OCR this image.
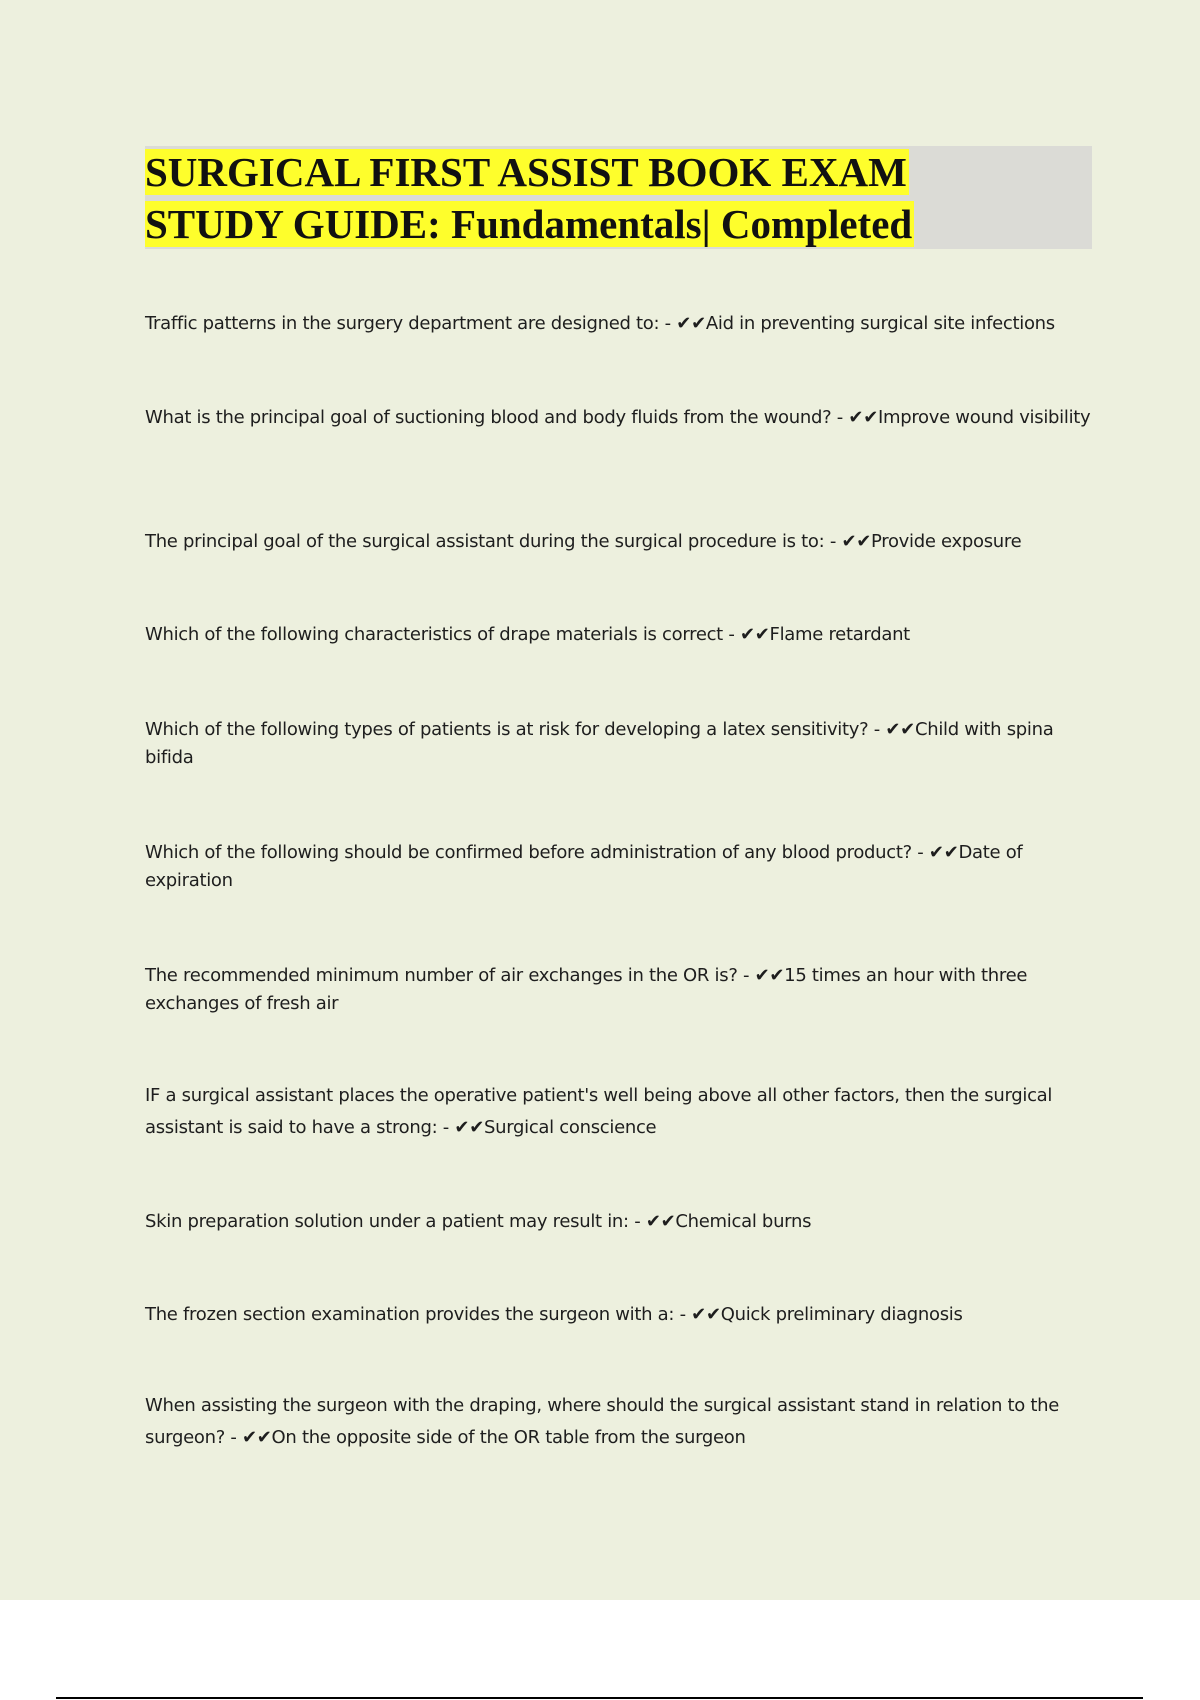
SURGICAL FIRST ASSIST BOOK EXAM
STUDY GUIDE: Fundamentals| Completed

Traffic patterns in the surgery department are designed to: - ✔✔Aid in preventing surgical site infections

What is the principal goal of suctioning blood and body fluids from the wound? - ✔✔Improve wound visibility

The principal goal of the surgical assistant during the surgical procedure is to: - ✔✔Provide exposure

Which of the following characteristics of drape materials is correct - ✔✔Flame retardant

Which of the following types of patients is at risk for developing a latex sensitivity? - ✔✔Child with spina bifida

Which of the following should be confirmed before administration of any blood product? - ✔✔Date of expiration

The recommended minimum number of air exchanges in the OR is? - ✔✔15 times an hour with three exchanges of fresh air

IF a surgical assistant places the operative patient's well being above all other factors, then the surgical assistant is said to have a strong: - ✔✔Surgical conscience

Skin preparation solution under a patient may result in: - ✔✔Chemical burns

The frozen section examination provides the surgeon with a: - ✔✔Quick preliminary diagnosis

When assisting the surgeon with the draping, where should the surgical assistant stand in relation to the surgeon? - ✔✔On the opposite side of the OR table from the surgeon
